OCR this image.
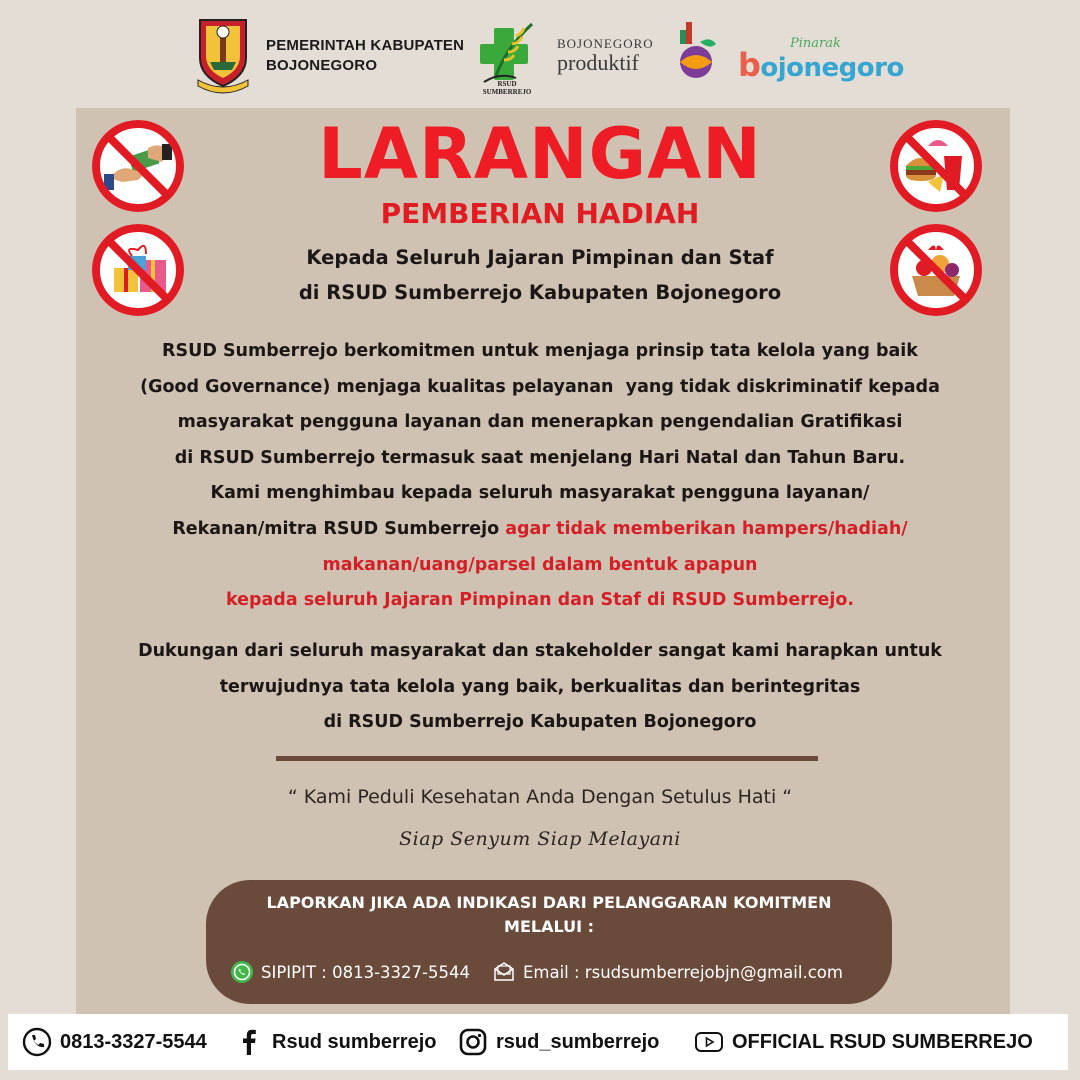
PEMERINTAH KABUPATEN
BOJONEGORO
RSUD SUMBERREJO
BOJONEGORO
produktif
Pinarak
bojonegoro
LARANGAN
PEMBERIAN HADIAH
Kepada Seluruh Jajaran Pimpinan dan Staf
di RSUD Sumberrejo Kabupaten Bojonegoro
RSUD Sumberrejo berkomitmen untuk menjaga prinsip tata kelola yang baik
(Good Governance) menjaga kualitas pelayanan  yang tidak diskriminatif kepada
masyarakat pengguna layanan dan menerapkan pengendalian Gratifikasi
di RSUD Sumberrejo termasuk saat menjelang Hari Natal dan Tahun Baru.
Kami menghimbau kepada seluruh masyarakat pengguna layanan/
Rekanan/mitra RSUD Sumberrejo agar tidak memberikan hampers/hadiah/
makanan/uang/parsel dalam bentuk apapun
kepada seluruh Jajaran Pimpinan dan Staf di RSUD Sumberrejo.
Dukungan dari seluruh masyarakat dan stakeholder sangat kami harapkan untuk
terwujudnya tata kelola yang baik, berkualitas dan berintegritas
di RSUD Sumberrejo Kabupaten Bojonegoro
“ Kami Peduli Kesehatan Anda Dengan Setulus Hati “
Siap Senyum Siap Melayani
LAPORKAN JIKA ADA INDIKASI DARI PELANGGARAN KOMITMEN
MELALUI :
SIPIPIT : 0813-3327-5544	Email : rsudsumberrejobjn@gmail.com
0813-3327-5544	Rsud sumberrejo	rsud_sumberrejo	OFFICIAL RSUD SUMBERREJO
